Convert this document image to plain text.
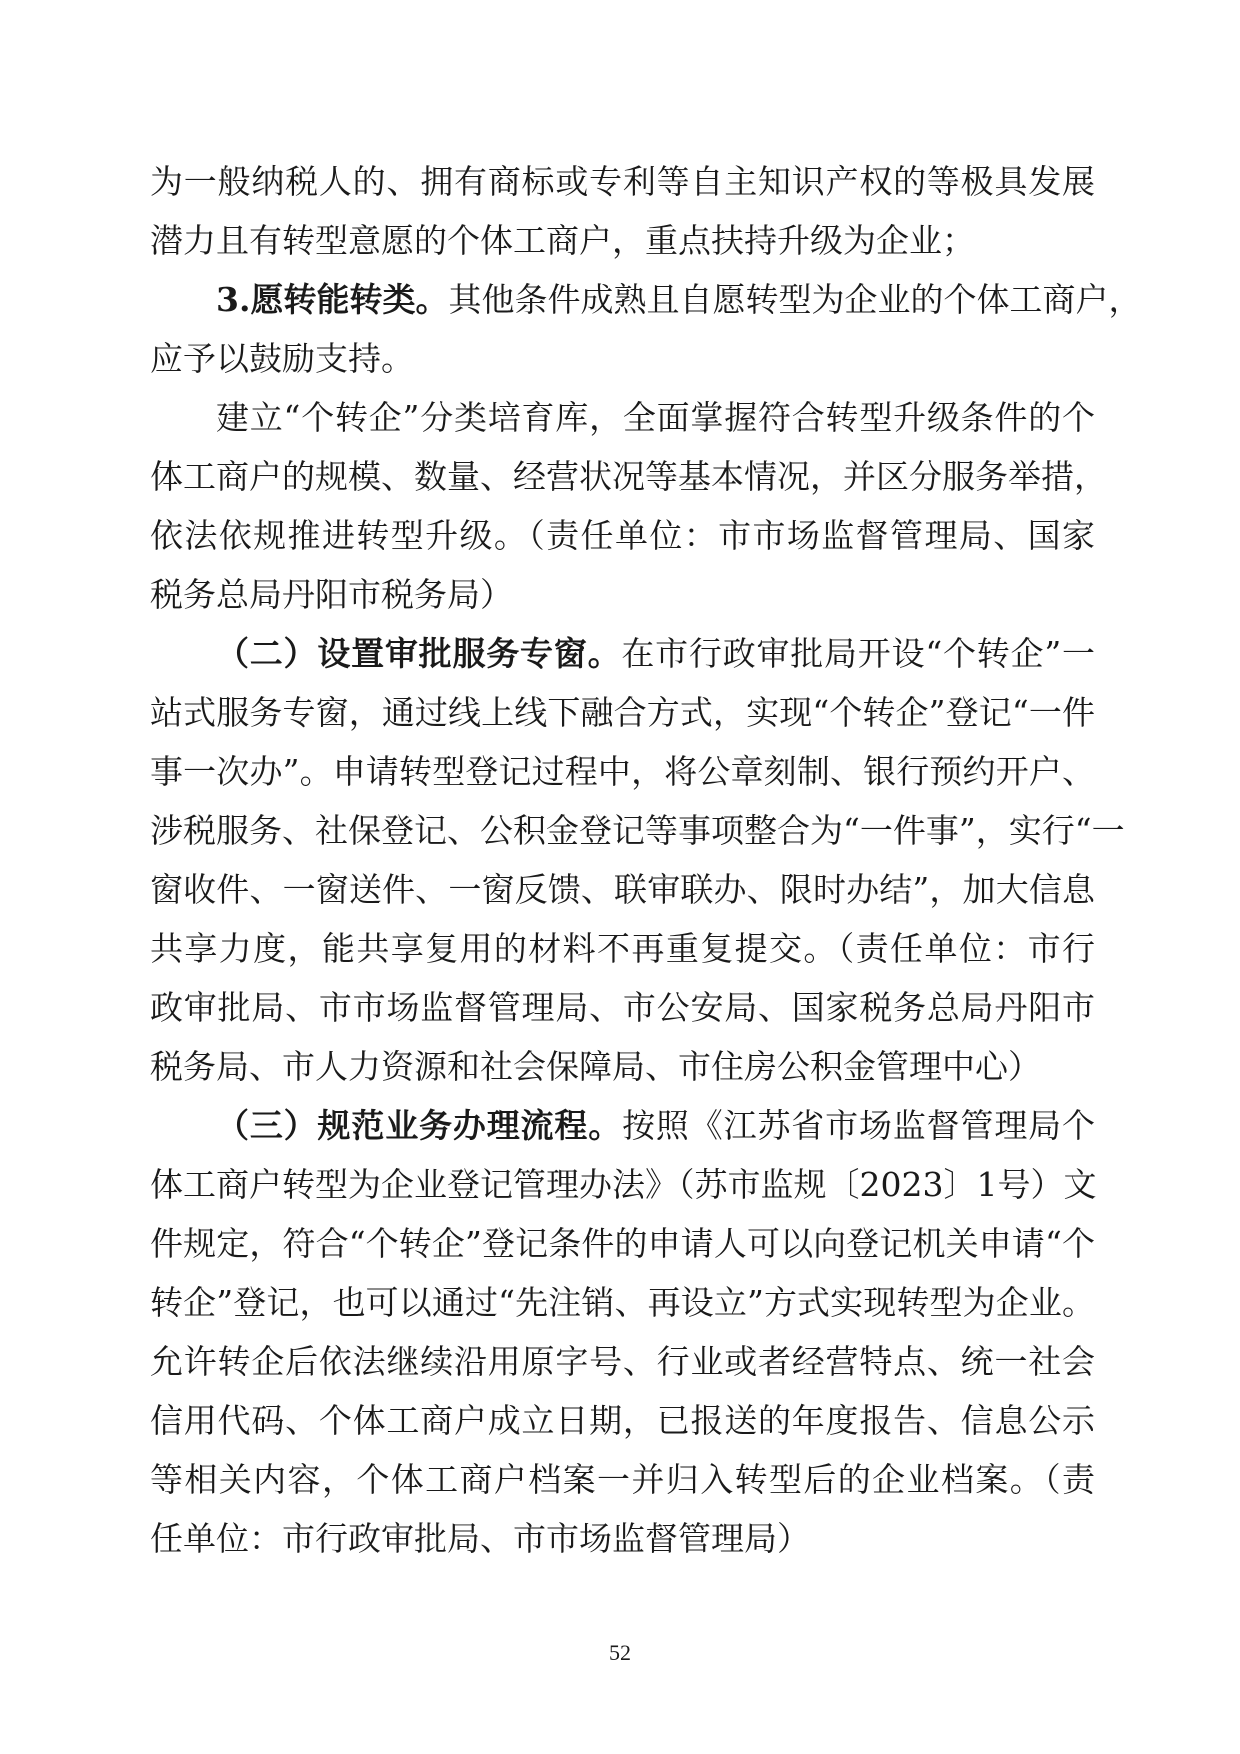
为一般纳税人的、拥有商标或专利等自主知识产权的等极具发展
潜力且有转型意愿的个体工商户，重点扶持升级为企业；
3.愿转能转类。其他条件成熟且自愿转型为企业的个体工商户，
应予以鼓励支持。
建立“个转企”分类培育库，全面掌握符合转型升级条件的个
体工商户的规模、数量、经营状况等基本情况，并区分服务举措，
依法依规推进转型升级。（责任单位：市市场监督管理局、国家
税务总局丹阳市税务局）
（二）设置审批服务专窗。在市行政审批局开设“个转企”一
站式服务专窗，通过线上线下融合方式，实现“个转企”登记“一件
事一次办”。申请转型登记过程中，将公章刻制、银行预约开户、
涉税服务、社保登记、公积金登记等事项整合为“一件事”，实行“一
窗收件、一窗送件、一窗反馈、联审联办、限时办结”，加大信息
共享力度，能共享复用的材料不再重复提交。（责任单位：市行
政审批局、市市场监督管理局、市公安局、国家税务总局丹阳市
税务局、市人力资源和社会保障局、市住房公积金管理中心）
（三）规范业务办理流程。按照《江苏省市场监督管理局个
体工商户转型为企业登记管理办法》（苏市监规〔2023〕1号）文
件规定，符合“个转企”登记条件的申请人可以向登记机关申请“个
转企”登记，也可以通过“先注销、再设立”方式实现转型为企业。
允许转企后依法继续沿用原字号、行业或者经营特点、统一社会
信用代码、个体工商户成立日期，已报送的年度报告、信息公示
等相关内容，个体工商户档案一并归入转型后的企业档案。（责
任单位：市行政审批局、市市场监督管理局）
52
